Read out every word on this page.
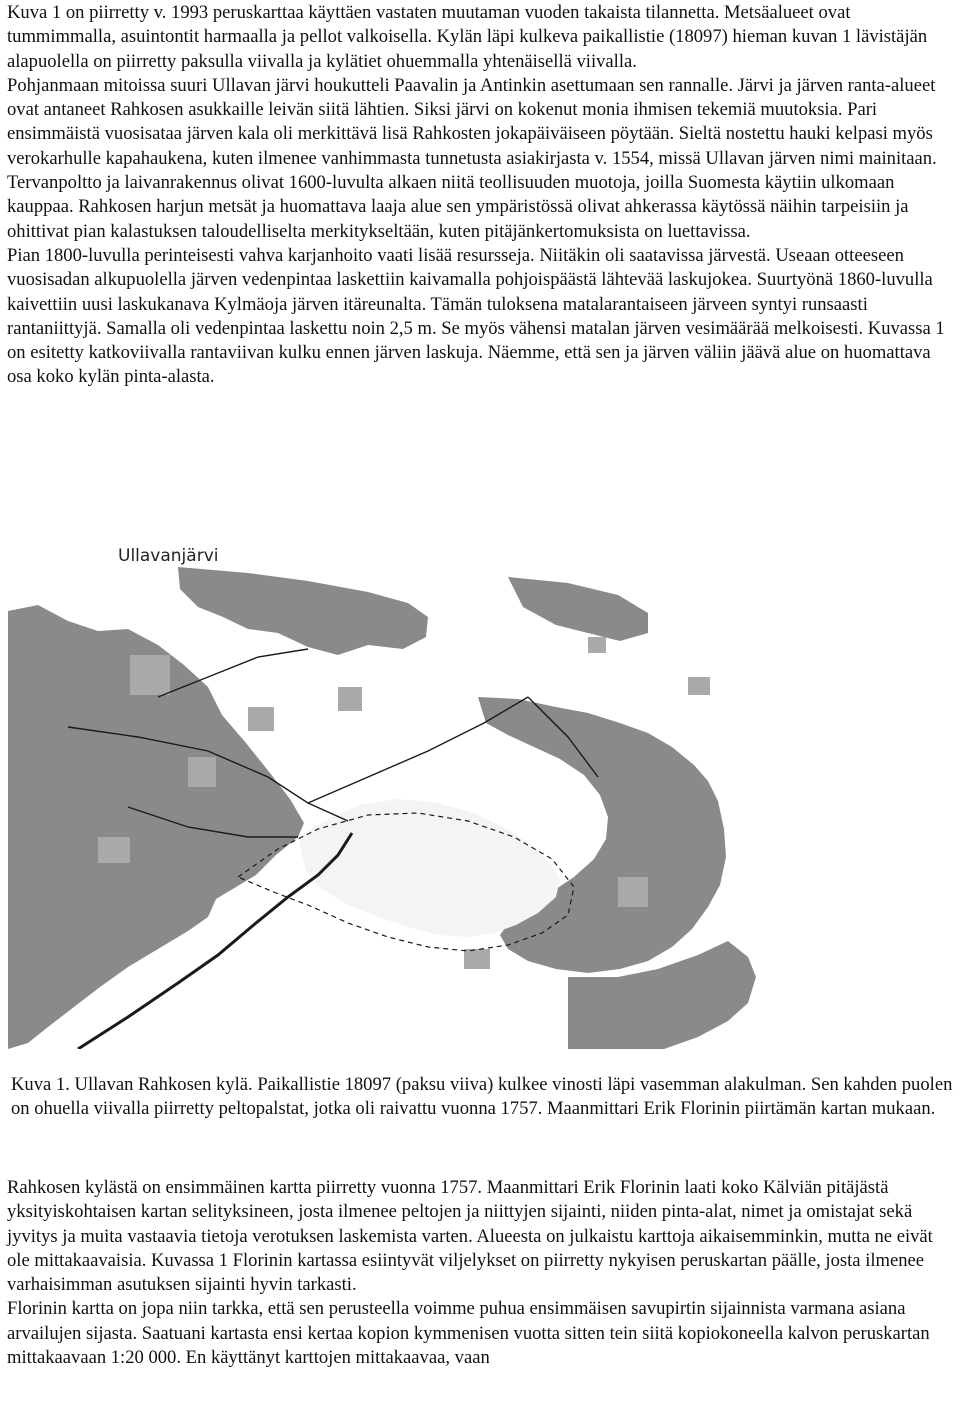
Kuva 1 on piirretty v. 1993 peruskarttaa käyttäen vastaten muutaman vuoden takaista tilannetta. Metsäalueet ovat tummimmalla, asuintontit harmaalla ja pellot valkoisella. Kylän läpi kulkeva paikallistie (18097) hieman kuvan 1 lävistäjän alapuolella on piirretty paksulla viivalla ja kylätiet ohuemmalla yhtenäisellä viivalla.

Pohjanmaan mitoissa suuri Ullavan järvi houkutteli Paavalin ja Antinkin asettumaan sen rannalle. Järvi ja järven ranta-alueet ovat antaneet Rahkosen asukkaille leivän siitä lähtien. Siksi järvi on kokenut monia ihmisen tekemiä muutoksia. Pari ensimmäistä vuosisataa järven kala oli merkittävä lisä Rahkosten jokapäiväiseen pöytään. Sieltä nostettu hauki kelpasi myös verokarhulle kapahaukena, kuten ilmenee vanhimmasta tunnetusta asiakirjasta v. 1554, missä Ullavan järven nimi mainitaan.

Tervanpoltto ja laivanrakennus olivat 1600-luvulta alkaen niitä teollisuuden muotoja, joilla Suomesta käytiin ulkomaan kauppaa. Rahkosen harjun metsät ja huomattava laaja alue sen ympäristössä olivat ahkerassa käytössä näihin tarpeisiin ja ohittivat pian kalastuksen taloudelliselta merkitykseltään, kuten pitäjänkertomuksista on luettavissa.

Pian 1800-luvulla perinteisesti vahva karjanhoito vaati lisää resursseja. Niitäkin oli saatavissa järvestä. Useaan otteeseen vuosisadan alkupuolella järven vedenpintaa laskettiin kaivamalla pohjoispäästä lähtevää laskujokea. Suurtyönä 1860-luvulla kaivettiin uusi laskukanava Kylmäoja järven itäreunalta. Tämän tuloksena matalarantaiseen järveen syntyi runsaasti rantaniittyjä. Samalla oli vedenpintaa laskettu noin 2,5 m. Se myös vähensi matalan järven vesimäärää melkoisesti. Kuvassa 1 on esitetty katkoviivalla rantaviivan kulku ennen järven laskuja. Näemme, että sen ja järven väliin jäävä alue on huomattava osa koko kylän pinta-alasta.

Ullavanjärvi

Kuva 1. Ullavan Rahkosen kylä. Paikallistie 18097 (paksu viiva) kulkee vinosti läpi vasemman alakulman. Sen kahden puolen on ohuella viivalla piirretty peltopalstat, jotka oli raivattu vuonna 1757. Maanmittari Erik Florinin piirtämän kartan mukaan.

Rahkosen kylästä on ensimmäinen kartta piirretty vuonna 1757. Maanmittari Erik Florinin laati koko Kälviän pitäjästä yksityiskohtaisen kartan selityksineen, josta ilmenee peltojen ja niittyjen sijainti, niiden pinta-alat, nimet ja omistajat sekä jyvitys ja muita vastaavia tietoja verotuksen laskemista varten. Alueesta on julkaistu karttoja aikaisemminkin, mutta ne eivät ole mittakaavaisia. Kuvassa 1 Florinin kartassa esiintyvät viljelykset on piirretty nykyisen peruskartan päälle, josta ilmenee varhaisimman asutuksen sijainti hyvin tarkasti.

Florinin kartta on jopa niin tarkka, että sen perusteella voimme puhua ensimmäisen savupirtin sijainnista varmana asiana arvailujen sijasta. Saatuani kartasta ensi kertaa kopion kymmenisen vuotta sitten tein siitä kopiokoneella kalvon peruskartan mittakaavaan 1:20 000. En käyttänyt karttojen mittakaavaa, vaan
